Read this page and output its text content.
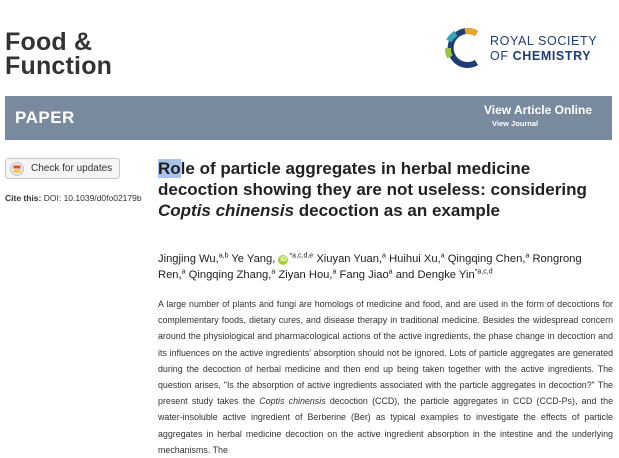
Food &
Function
ROYAL SOCIETY
OF CHEMISTRY
PAPER	View Article Online
View Journal
Check for updates
Cite this: DOI: 10.1039/d0fo02179b
Role of particle aggregates in herbal medicine decoction showing they are not useless: considering Coptis chinensis decoction as an example
Jingjing Wu,$^{a,b}$ Ye Yang, iD$^{*a,c,d,e}$ Xiuyan Yuan,$^a$ Huihui Xu,$^a$ Qingqing Chen,$^a$ Rongrong Ren,$^a$ Qingqing Zhang,$^a$ Ziyan Hou,$^a$ Fang Jiao$^a$ and Dengke Yin$^{*a,c,d}$

A large number of plants and fungi are homologs of medicine and food, and are used in the form of decoctions for complementary foods, dietary cures, and disease therapy in traditional medicine. Besides the widespread concern around the physiological and pharmacological actions of the active ingredients, the phase change in decoction and its influences on the active ingredients' absorption should not be ignored. Lots of particle aggregates are generated during the decoction of herbal medicine and then end up being taken together with the active ingredients. The question arises, "Is the absorption of active ingredients associated with the particle aggregates in decoction?" The present study takes the Coptis chinensis decoction (CCD), the particle aggregates in CCD (CCD-Ps), and the water-insoluble active ingredient of Berberine (Ber) as typical examples to investigate the effects of particle aggregates in herbal medicine decoction on the active ingredient absorption in the intestine and the underlying mechanisms. The
